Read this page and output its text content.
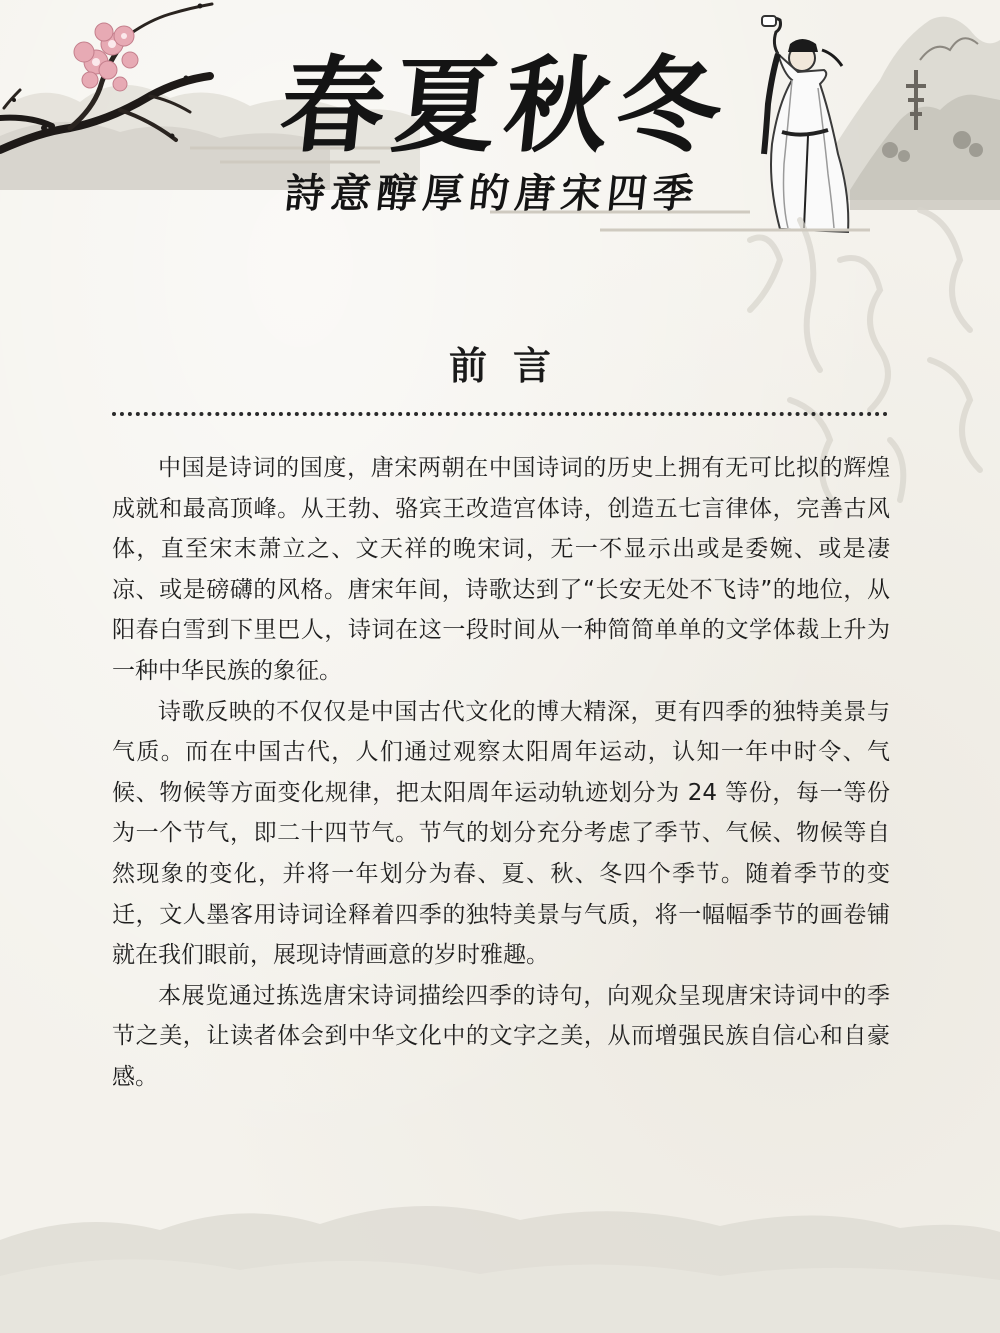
春夏秋冬
詩意醇厚的唐宋四季
前言

中国是诗词的国度，唐宋两朝在中国诗词的历史上拥有无可比拟的辉煌成就和最高顶峰。从王勃、骆宾王改造宫体诗，创造五七言律体，完善古风体，直至宋末萧立之、文天祥的晚宋词，无一不显示出或是委婉、或是凄凉、或是磅礴的风格。唐宋年间，诗歌达到了“长安无处不飞诗”的地位，从阳春白雪到下里巴人，诗词在这一段时间从一种简简单单的文学体裁上升为一种中华民族的象征。

诗歌反映的不仅仅是中国古代文化的博大精深，更有四季的独特美景与气质。而在中国古代，人们通过观察太阳周年运动，认知一年中时令、气候、物候等方面变化规律，把太阳周年运动轨迹划分为 24 等份，每一等份为一个节气，即二十四节气。节气的划分充分考虑了季节、气候、物候等自然现象的变化，并将一年划分为春、夏、秋、冬四个季节。随着季节的变迁，文人墨客用诗词诠释着四季的独特美景与气质，将一幅幅季节的画卷铺就在我们眼前，展现诗情画意的岁时雅趣。

本展览通过拣选唐宋诗词描绘四季的诗句，向观众呈现唐宋诗词中的季节之美，让读者体会到中华文化中的文字之美，从而增强民族自信心和自豪感。
